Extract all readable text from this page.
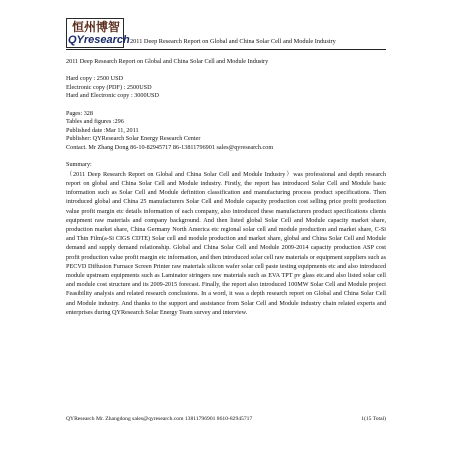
恒州博智
QYresearch 2011 Deep Research Report on Global and China Solar Cell and Module Industry
2011 Deep Research Report on Global and China Solar Cell and Module Industry
Hard copy : 2500 USD
Electronic copy (PDF) : 2500USD
Hard and Electronic copy : 3000USD
Pages: 328
Tables and figures :296
Published date :Mar 11, 2011
Publisher: QYResearch Solar Energy Research Center
Contact. Mr Zhang Dong 86-10-82945717 86-13811796901 sales@qyresearch.com
Summary:

（2011 Deep Research Report on Global and China Solar Cell and Module Industry）was professional and depth research report on global and China Solar Cell and Module industry. Firstly, the report has introduced Solar Cell and Module basic information such as Solar Cell and Module definition classification and manufacturing process product specifications. Then introduced global and China 25 manufacturers Solar Cell and Module capacity production cost selling price profit production value profit margin etc details information of each company, also introduced these manufacturers product specifications clients equipment raw materials and company background. And then listed global Solar Cell and Module capacity market share, production market share, China Germany North America etc regional solar cell and module production and market share, C-Si and Thin Film(a-Si CIGS CDTE) Solar cell and module production and market share, global and China Solar Cell and Module demand and supply demand relationship. Global and China Solar Cell and Module 2009-2014 capacity production ASP cost profit production value profit margin etc information, and then introduced solar cell raw materials or equipment suppliers such as PECVD Diffusion Furnace Screen Printer raw materials silicon wafer solar cell paste testing equipments etc and also introduced module upstream equipments such as Laminator stringers raw materials such as EVA TPT pv glass etc.and also listed solar cell and module cost structure and its 2009-2015 forecast. Finally, the report also introduced 100MW Solar Cell and Module project Feasibility analysis and related research conclusions. In a word, it was a depth research report on Global and China Solar Cell and Module industry. And thanks to the support and assistance from Solar Cell and Module industry chain related experts and enterprises during QYResearch Solar Energy Team survey and interview.

QYResearch Mr. Zhangdong sales@qyresearch.com 13811796901 8610-82945717	1(15 Total)
